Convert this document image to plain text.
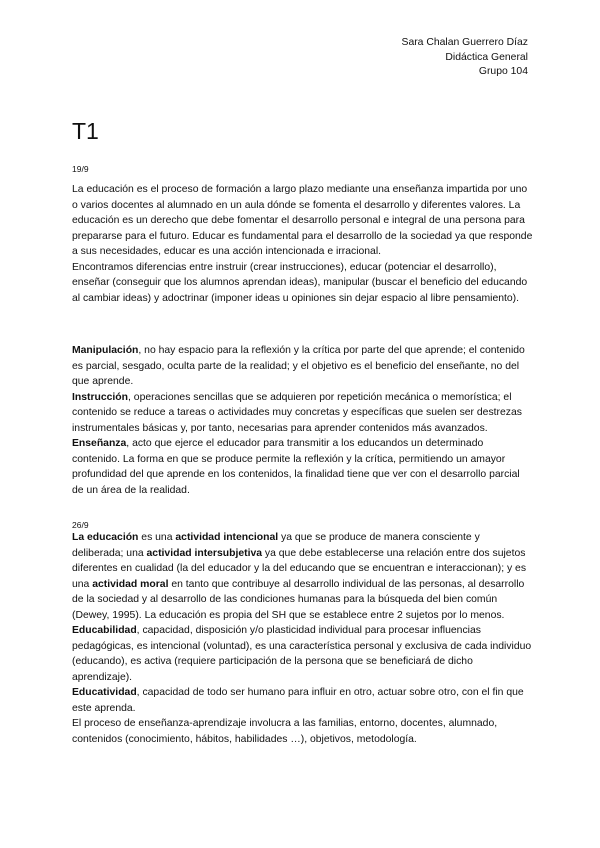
Sara Chalan Guerrero Díaz
Didáctica General
Grupo 104
T1
19/9

La educación es el proceso de formación a largo plazo mediante una enseñanza impartida por uno o varios docentes al alumnado en un aula dónde se fomenta el desarrollo y diferentes valores. La educación es un derecho que debe fomentar el desarrollo personal e integral de una persona para prepararse para el futuro. Educar es fundamental para el desarrollo de la sociedad ya que responde a sus necesidades, educar es una acción intencionada e irracional.

Encontramos diferencias entre instruir (crear instrucciones), educar (potenciar el desarrollo), enseñar (conseguir que los alumnos aprendan ideas), manipular (buscar el beneficio del educando al cambiar ideas) y adoctrinar (imponer ideas u opiniones sin dejar espacio al libre pensamiento).

Manipulación, no hay espacio para la reflexión y la crítica por parte del que aprende; el contenido es parcial, sesgado, oculta parte de la realidad; y el objetivo es el beneficio del enseñante, no del que aprende.

Instrucción, operaciones sencillas que se adquieren por repetición mecánica o memorística; el contenido se reduce a tareas o actividades muy concretas y específicas que suelen ser destrezas instrumentales básicas y, por tanto, necesarias para aprender contenidos más avanzados.

Enseñanza, acto que ejerce el educador para transmitir a los educandos un determinado contenido. La forma en que se produce permite la reflexión y la crítica, permitiendo un amayor profundidad del que aprende en los contenidos, la finalidad tiene que ver con el desarrollo parcial de un área de la realidad.

26/9

La educación es una actividad intencional ya que se produce de manera consciente y deliberada; una actividad intersubjetiva ya que debe establecerse una relación entre dos sujetos diferentes en cualidad (la del educador y la del educando que se encuentran e interaccionan); y es una actividad moral en tanto que contribuye al desarrollo individual de las personas, al desarrollo de la sociedad y al desarrollo de las condiciones humanas para la búsqueda del bien común (Dewey, 1995). La educación es propia del SH que se establece entre 2 sujetos por lo menos.

Educabilidad, capacidad, disposición y/o plasticidad individual para procesar influencias pedagógicas, es intencional (voluntad), es una característica personal y exclusiva de cada individuo (educando), es activa (requiere participación de la persona que se beneficiará de dicho aprendizaje).

Educatividad, capacidad de todo ser humano para influir en otro, actuar sobre otro, con el fin que este aprenda.

El proceso de enseñanza-aprendizaje involucra a las familias, entorno, docentes, alumnado, contenidos (conocimiento, hábitos, habilidades …), objetivos, metodología.
